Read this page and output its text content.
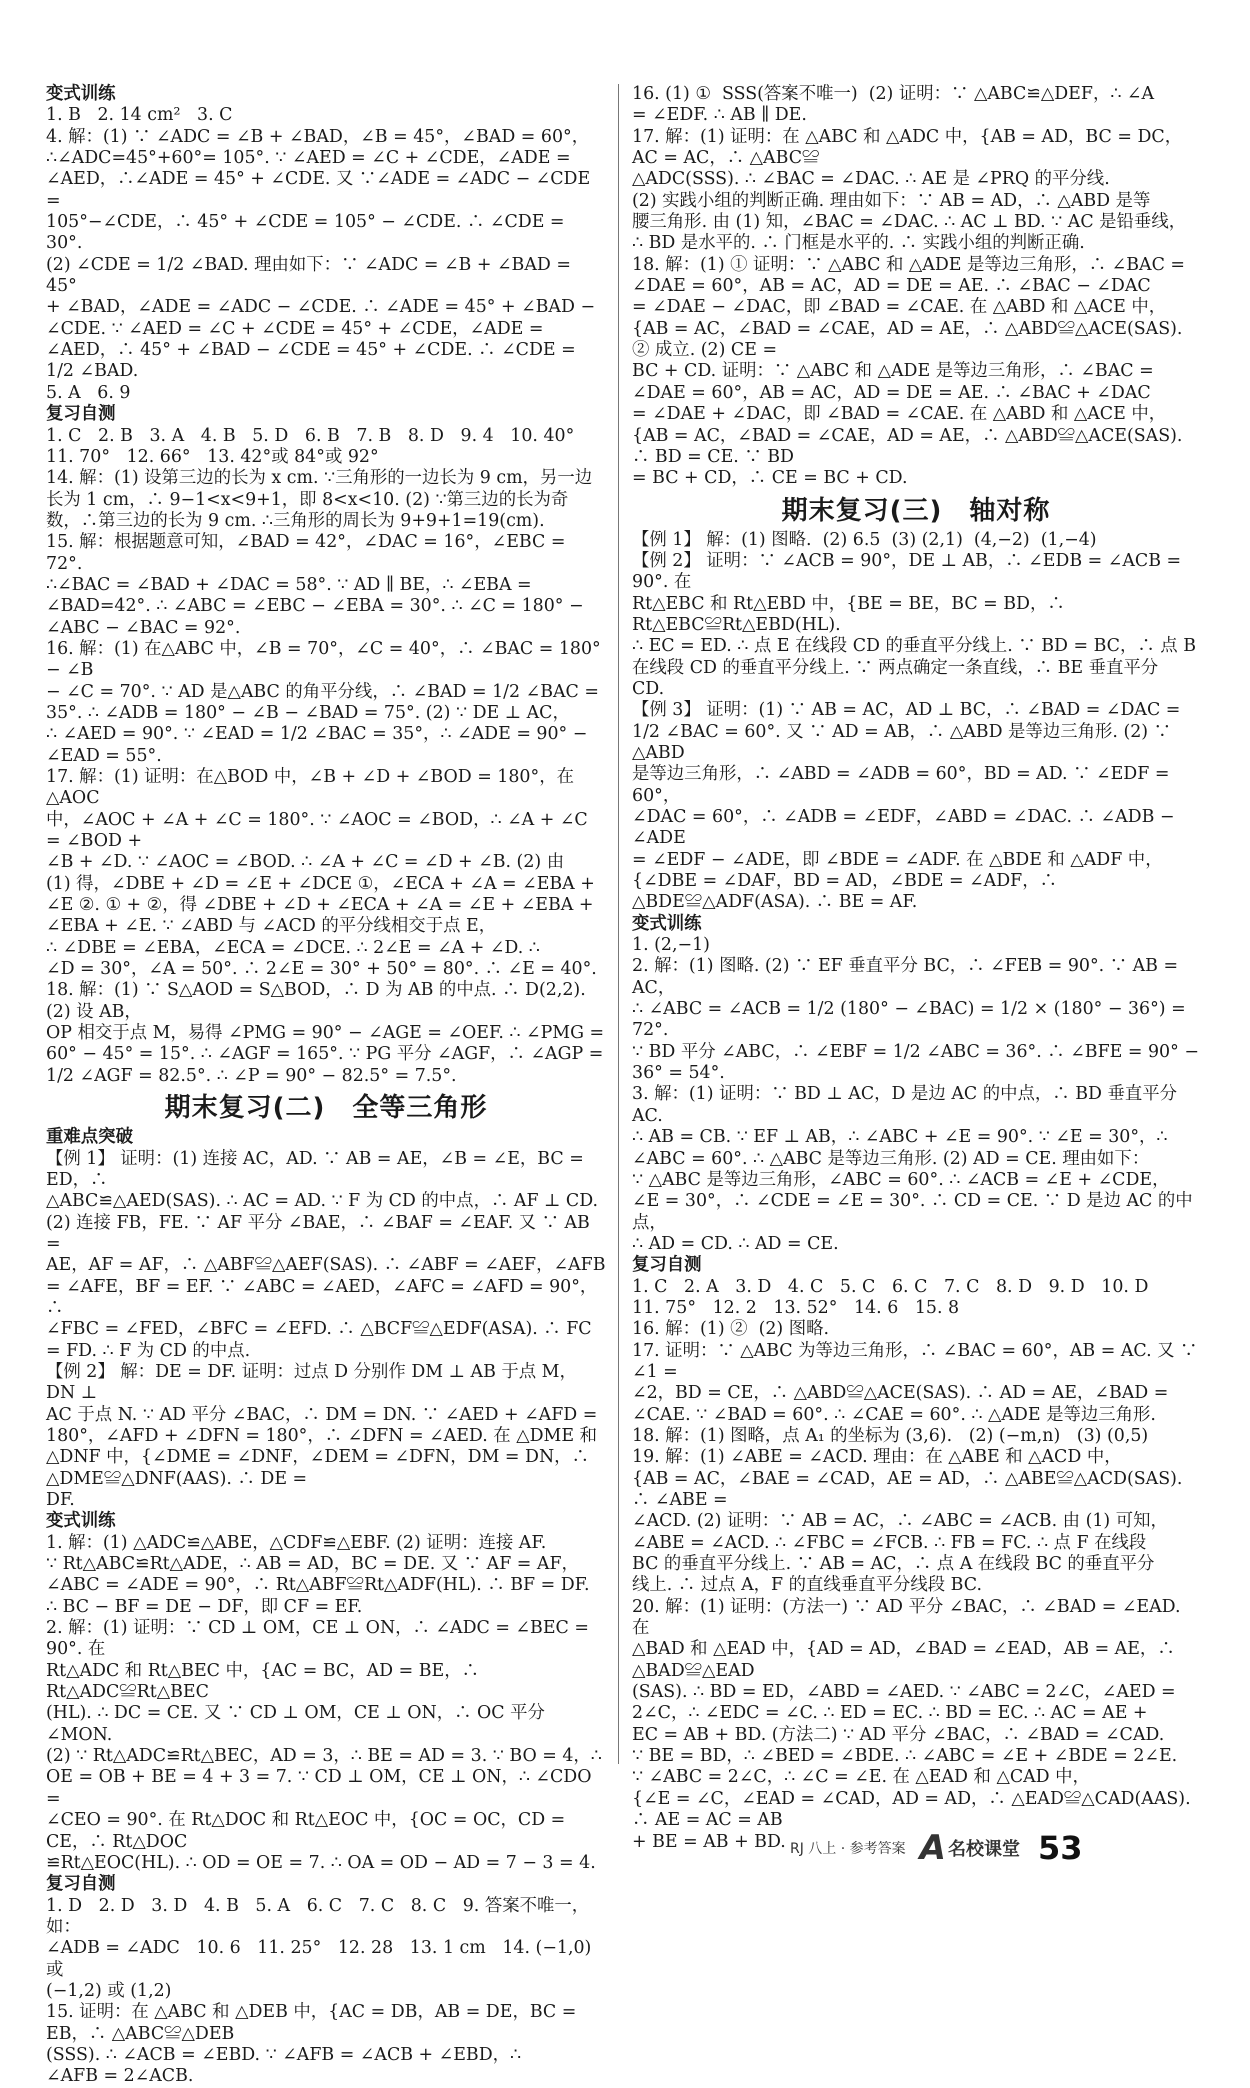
变式训练
1. B   2. 14 cm²   3. C
4. 解：(1) ∵ ∠ADC = ∠B + ∠BAD，∠B = 45°，∠BAD = 60°，
∴∠ADC=45°+60°= 105°. ∵ ∠AED = ∠C + ∠CDE，∠ADE =
∠AED，∴∠ADE = 45° + ∠CDE. 又 ∵∠ADE = ∠ADC − ∠CDE =
105°−∠CDE，∴ 45° + ∠CDE = 105° − ∠CDE. ∴ ∠CDE = 30°.
(2) ∠CDE = 1/2 ∠BAD. 理由如下：∵ ∠ADC = ∠B + ∠BAD = 45°
+ ∠BAD，∠ADE = ∠ADC − ∠CDE. ∴ ∠ADE = 45° + ∠BAD −
∠CDE. ∵ ∠AED = ∠C + ∠CDE = 45° + ∠CDE，∠ADE =
∠AED，∴ 45° + ∠BAD − ∠CDE = 45° + ∠CDE. ∴ ∠CDE =
1/2 ∠BAD.
5. A   6. 9
复习自测
1. C   2. B   3. A   4. B   5. D   6. B   7. B   8. D   9. 4   10. 40°
11. 70°   12. 66°   13. 42°或 84°或 92°
14. 解：(1) 设第三边的长为 x cm. ∵三角形的一边长为 9 cm，另一边
长为 1 cm，∴ 9−1<x<9+1，即 8<x<10. (2) ∵第三边的长为奇
数，∴第三边的长为 9 cm. ∴三角形的周长为 9+9+1=19(cm).
15. 解：根据题意可知，∠BAD = 42°，∠DAC = 16°，∠EBC = 72°.
∴∠BAC = ∠BAD + ∠DAC = 58°. ∵ AD ∥ BE，∴ ∠EBA =
∠BAD=42°. ∴ ∠ABC = ∠EBC − ∠EBA = 30°. ∴ ∠C = 180° −
∠ABC − ∠BAC = 92°.
16. 解：(1) 在△ABC 中，∠B = 70°，∠C = 40°，∴ ∠BAC = 180° − ∠B
− ∠C = 70°. ∵ AD 是△ABC 的角平分线，∴ ∠BAD = 1/2 ∠BAC =
35°. ∴ ∠ADB = 180° − ∠B − ∠BAD = 75°. (2) ∵ DE ⊥ AC，
∴ ∠AED = 90°. ∵ ∠EAD = 1/2 ∠BAC = 35°，∴ ∠ADE = 90° −
∠EAD = 55°.
17. 解：(1) 证明：在△BOD 中，∠B + ∠D + ∠BOD = 180°，在△AOC
中，∠AOC + ∠A + ∠C = 180°. ∵ ∠AOC = ∠BOD，∴ ∠A + ∠C = ∠BOD +
∠B + ∠D. ∵ ∠AOC = ∠BOD. ∴ ∠A + ∠C = ∠D + ∠B. (2) 由
(1) 得，∠DBE + ∠D = ∠E + ∠DCE ①，∠ECA + ∠A = ∠EBA +
∠E ②. ① + ②，得 ∠DBE + ∠D + ∠ECA + ∠A = ∠E + ∠EBA +
∠EBA + ∠E. ∵ ∠ABD 与 ∠ACD 的平分线相交于点 E，
∴ ∠DBE = ∠EBA，∠ECA = ∠DCE. ∴ 2∠E = ∠A + ∠D. ∴
∠D = 30°，∠A = 50°. ∴ 2∠E = 30° + 50° = 80°. ∴ ∠E = 40°.
18. 解：(1) ∵ S△AOD = S△BOD，∴ D 为 AB 的中点. ∴ D(2,2). (2) 设 AB，
OP 相交于点 M，易得 ∠PMG = 90° − ∠AGE = ∠OEF. ∴ ∠PMG = 60° − 45° = 15°. ∴ ∠AGF = 165°. ∵ PG 平分 ∠AGF，∴ ∠AGP =
1/2 ∠AGF = 82.5°. ∴ ∠P = 90° − 82.5° = 7.5°.
期末复习(二)　全等三角形
重难点突破
【例 1】 证明：(1) 连接 AC，AD. ∵ AB = AE，∠B = ∠E，BC = ED，∴
△ABC≌△AED(SAS). ∴ AC = AD. ∵ F 为 CD 的中点，∴ AF ⊥ CD.
(2) 连接 FB，FE. ∵ AF 平分 ∠BAE，∴ ∠BAF = ∠EAF. 又 ∵ AB =
AE，AF = AF，∴ △ABF≌△AEF(SAS). ∴ ∠ABF = ∠AEF，∠AFB
= ∠AFE，BF = EF. ∵ ∠ABC = ∠AED，∠AFC = ∠AFD = 90°，∴
∠FBC = ∠FED，∠BFC = ∠EFD. ∴ △BCF≌△EDF(ASA). ∴ FC
= FD. ∴ F 为 CD 的中点.
【例 2】 解：DE = DF. 证明：过点 D 分别作 DM ⊥ AB 于点 M，DN ⊥
AC 于点 N. ∵ AD 平分 ∠BAC，∴ DM = DN. ∵ ∠AED + ∠AFD =
180°，∠AFD + ∠DFN = 180°，∴ ∠DFN = ∠AED. 在 △DME 和
△DNF 中，{∠DME = ∠DNF，∠DEM = ∠DFN，DM = DN，∴ △DME≌△DNF(AAS). ∴ DE =
DF.
变式训练
1. 解：(1) △ADC≌△ABE，△CDF≌△EBF. (2) 证明：连接 AF.
∵ Rt△ABC≌Rt△ADE，∴ AB = AD，BC = DE. 又 ∵ AF = AF，
∠ABC = ∠ADE = 90°，∴ Rt△ABF≌Rt△ADF(HL). ∴ BF = DF.
∴ BC − BF = DE − DF，即 CF = EF.
2. 解：(1) 证明：∵ CD ⊥ OM，CE ⊥ ON，∴ ∠ADC = ∠BEC = 90°. 在
Rt△ADC 和 Rt△BEC 中，{AC = BC，AD = BE，∴ Rt△ADC≌Rt△BEC
(HL). ∴ DC = CE. 又 ∵ CD ⊥ OM，CE ⊥ ON，∴ OC 平分 ∠MON.
(2) ∵ Rt△ADC≌Rt△BEC，AD = 3，∴ BE = AD = 3. ∵ BO = 4，∴
OE = OB + BE = 4 + 3 = 7. ∵ CD ⊥ OM，CE ⊥ ON，∴ ∠CDO =
∠CEO = 90°. 在 Rt△DOC 和 Rt△EOC 中，{OC = OC，CD = CE，∴ Rt△DOC
≌Rt△EOC(HL). ∴ OD = OE = 7. ∴ OA = OD − AD = 7 − 3 = 4.
复习自测
1. D   2. D   3. D   4. B   5. A   6. C   7. C   8. C   9. 答案不唯一，如：
∠ADB = ∠ADC   10. 6   11. 25°   12. 28   13. 1 cm   14. (−1,0) 或
(−1,2) 或 (1,2)
15. 证明：在 △ABC 和 △DEB 中，{AC = DB，AB = DE，BC = EB，∴ △ABC≌△DEB
(SSS). ∴ ∠ACB = ∠EBD. ∵ ∠AFB = ∠ACB + ∠EBD，∴
∠AFB = 2∠ACB.
16. (1) ①  SSS(答案不唯一)  (2) 证明：∵ △ABC≌△DEF，∴ ∠A
= ∠EDF. ∴ AB ∥ DE.
17. 解：(1) 证明：在 △ABC 和 △ADC 中，{AB = AD，BC = DC，AC = AC，∴ △ABC≌
△ADC(SSS). ∴ ∠BAC = ∠DAC. ∴ AE 是 ∠PRQ 的平分线.
(2) 实践小组的判断正确. 理由如下：∵ AB = AD，∴ △ABD 是等
腰三角形. 由 (1) 知，∠BAC = ∠DAC. ∴ AC ⊥ BD. ∵ AC 是铅垂线，
∴ BD 是水平的. ∴ 门框是水平的. ∴ 实践小组的判断正确.
18. 解：(1) ① 证明：∵ △ABC 和 △ADE 是等边三角形，∴ ∠BAC =
∠DAE = 60°，AB = AC，AD = DE = AE. ∴ ∠BAC − ∠DAC
= ∠DAE − ∠DAC，即 ∠BAD = ∠CAE. 在 △ABD 和 △ACE 中，
{AB = AC，∠BAD = ∠CAE，AD = AE，∴ △ABD≌△ACE(SAS). ② 成立. (2) CE =
BC + CD. 证明：∵ △ABC 和 △ADE 是等边三角形，∴ ∠BAC =
∠DAE = 60°，AB = AC，AD = DE = AE. ∴ ∠BAC + ∠DAC
= ∠DAE + ∠DAC，即 ∠BAD = ∠CAE. 在 △ABD 和 △ACE 中，
{AB = AC，∠BAD = ∠CAE，AD = AE，∴ △ABD≌△ACE(SAS). ∴ BD = CE. ∵ BD
= BC + CD，∴ CE = BC + CD.
期末复习(三)　轴对称
【例 1】 解：(1) 图略.  (2) 6.5  (3) (2,1)  (4,−2)  (1,−4)
【例 2】 证明：∵ ∠ACB = 90°，DE ⊥ AB，∴ ∠EDB = ∠ACB = 90°. 在
Rt△EBC 和 Rt△EBD 中，{BE = BE，BC = BD，∴ Rt△EBC≌Rt△EBD(HL).
∴ EC = ED. ∴ 点 E 在线段 CD 的垂直平分线上. ∵ BD = BC，∴ 点 B
在线段 CD 的垂直平分线上. ∵ 两点确定一条直线，∴ BE 垂直平分
CD.
【例 3】 证明：(1) ∵ AB = AC，AD ⊥ BC，∴ ∠BAD = ∠DAC =
1/2 ∠BAC = 60°. 又 ∵ AD = AB，∴ △ABD 是等边三角形. (2) ∵ △ABD
是等边三角形，∴ ∠ABD = ∠ADB = 60°，BD = AD. ∵ ∠EDF = 60°，
∠DAC = 60°，∴ ∠ADB = ∠EDF，∠ABD = ∠DAC. ∴ ∠ADB − ∠ADE
= ∠EDF − ∠ADE，即 ∠BDE = ∠ADF. 在 △BDE 和 △ADF 中，
{∠DBE = ∠DAF，BD = AD，∠BDE = ∠ADF，∴ △BDE≌△ADF(ASA). ∴ BE = AF.
变式训练
1. (2,−1)
2. 解：(1) 图略. (2) ∵ EF 垂直平分 BC，∴ ∠FEB = 90°. ∵ AB = AC，
∴ ∠ABC = ∠ACB = 1/2 (180° − ∠BAC) = 1/2 × (180° − 36°) = 72°.
∵ BD 平分 ∠ABC，∴ ∠EBF = 1/2 ∠ABC = 36°. ∴ ∠BFE = 90° −
36° = 54°.
3. 解：(1) 证明：∵ BD ⊥ AC，D 是边 AC 的中点，∴ BD 垂直平分 AC.
∴ AB = CB. ∵ EF ⊥ AB，∴ ∠ABC + ∠E = 90°. ∵ ∠E = 30°，∴
∠ABC = 60°. ∴ △ABC 是等边三角形. (2) AD = CE. 理由如下：
∵ △ABC 是等边三角形，∠ABC = 60°. ∴ ∠ACB = ∠E + ∠CDE，
∠E = 30°，∴ ∠CDE = ∠E = 30°. ∴ CD = CE. ∵ D 是边 AC 的中点，
∴ AD = CD. ∴ AD = CE.
复习自测
1. C   2. A   3. D   4. C   5. C   6. C   7. C   8. D   9. D   10. D
11. 75°   12. 2   13. 52°   14. 6   15. 8
16. 解：(1) ②  (2) 图略.
17. 证明：∵ △ABC 为等边三角形，∴ ∠BAC = 60°，AB = AC. 又 ∵ ∠1 =
∠2，BD = CE，∴ △ABD≌△ACE(SAS). ∴ AD = AE，∠BAD =
∠CAE. ∵ ∠BAD = 60°. ∴ ∠CAE = 60°. ∴ △ADE 是等边三角形.
18. 解：(1) 图略，点 A₁ 的坐标为 (3,6).   (2) (−m,n)   (3) (0,5)
19. 解：(1) ∠ABE = ∠ACD. 理由：在 △ABE 和 △ACD 中，
{AB = AC，∠BAE = ∠CAD，AE = AD，∴ △ABE≌△ACD(SAS). ∴ ∠ABE =
∠ACD. (2) 证明：∵ AB = AC，∴ ∠ABC = ∠ACB. 由 (1) 可知，
∠ABE = ∠ACD. ∴ ∠FBC = ∠FCB. ∴ FB = FC. ∴ 点 F 在线段
BC 的垂直平分线上. ∵ AB = AC，∴ 点 A 在线段 BC 的垂直平分
线上. ∴ 过点 A，F 的直线垂直平分线段 BC.
20. 解：(1) 证明：(方法一) ∵ AD 平分 ∠BAC，∴ ∠BAD = ∠EAD. 在
△BAD 和 △EAD 中，{AD = AD，∠BAD = ∠EAD，AB = AE，∴ △BAD≌△EAD
(SAS). ∴ BD = ED，∠ABD = ∠AED. ∵ ∠ABC = 2∠C，∠AED = 2∠C，∴ ∠EDC = ∠C. ∴ ED = EC. ∴ BD = EC. ∴ AC = AE +
EC = AB + BD. (方法二) ∵ AD 平分 ∠BAC，∴ ∠BAD = ∠CAD.
∵ BE = BD，∴ ∠BED = ∠BDE. ∴ ∠ABC = ∠E + ∠BDE = 2∠E.
∵ ∠ABC = 2∠C，∴ ∠C = ∠E. 在 △EAD 和 △CAD 中，
{∠E = ∠C，∠EAD = ∠CAD，AD = AD，∴ △EAD≌△CAD(AAS). ∴ AE = AC = AB
+ BE = AB + BD. RJ 八上 · 参考答案 A 名校课堂 53
